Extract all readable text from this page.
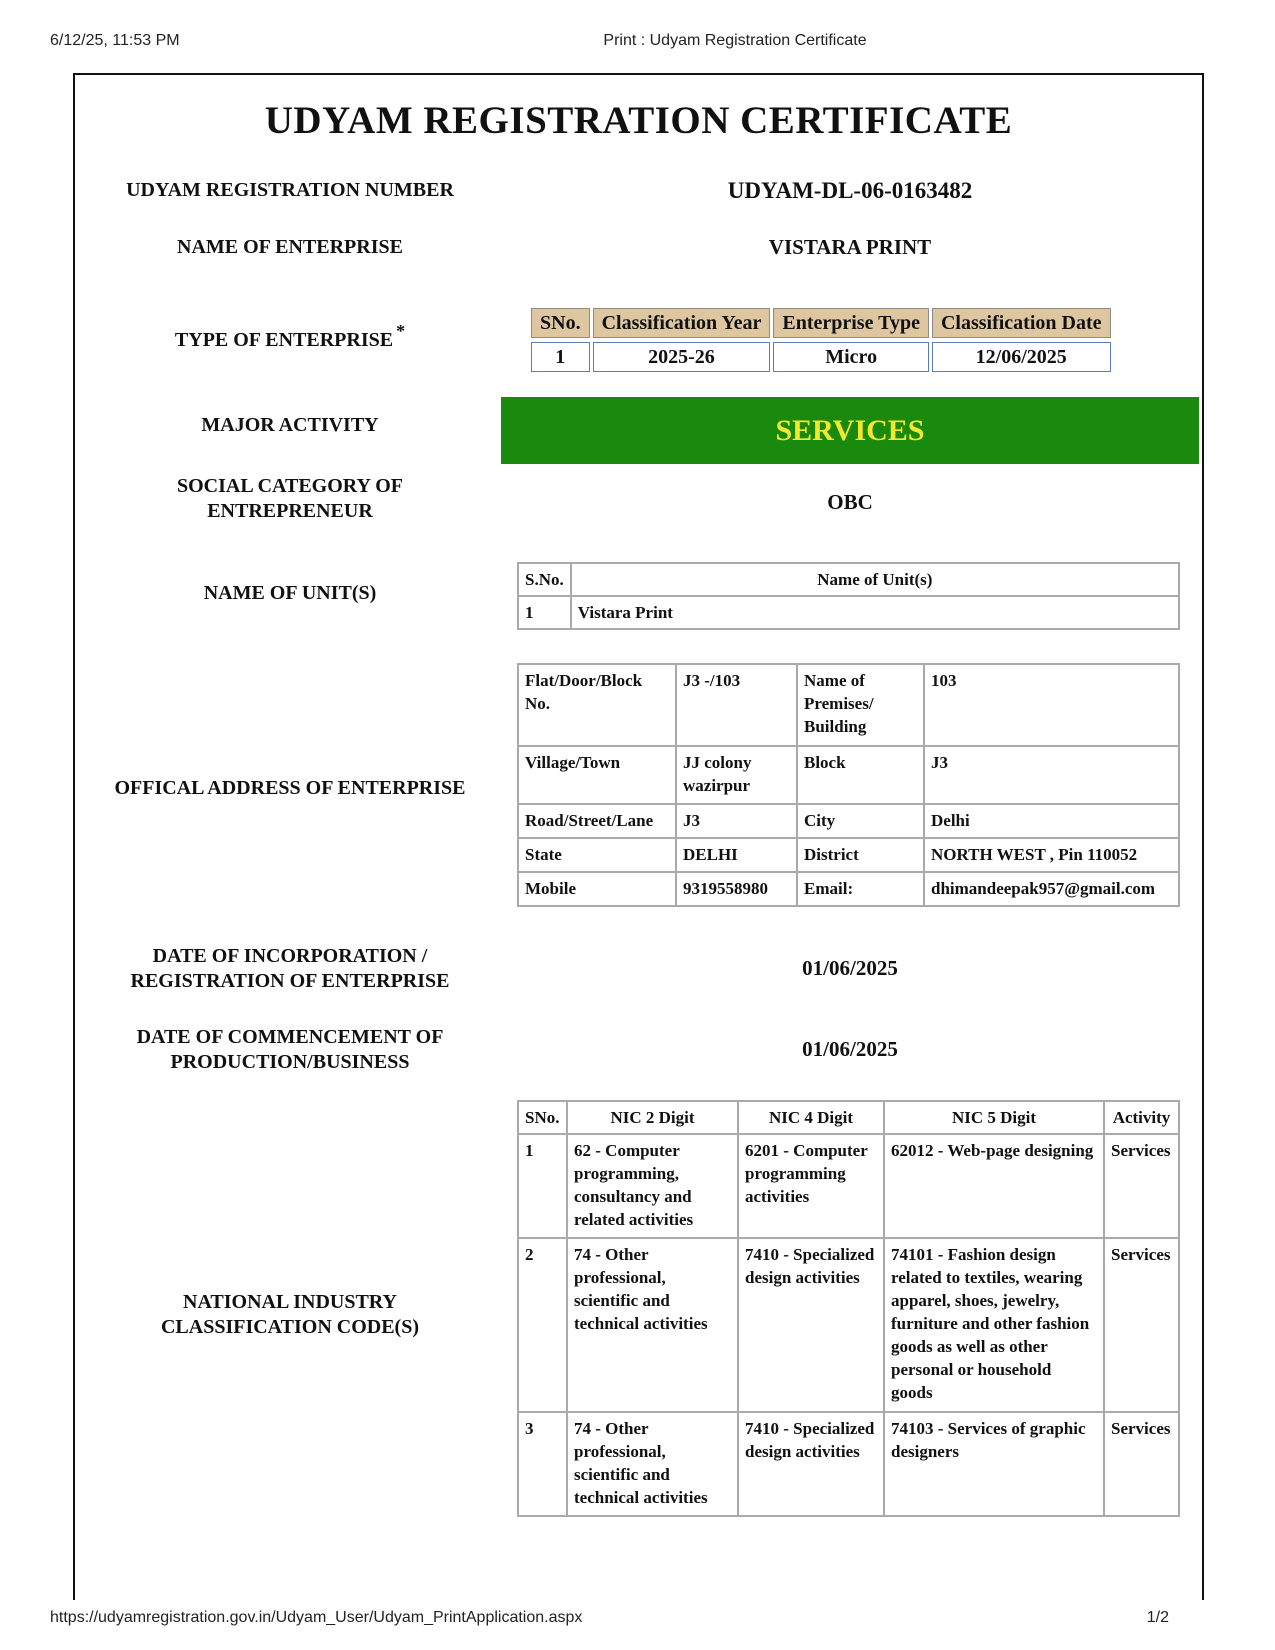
6/12/25, 11:53 PM	Print : Udyam Registration Certificate
https://udyamregistration.gov.in/Udyam_User/Udyam_PrintApplication.aspx	1/2
UDYAM REGISTRATION CERTIFICATE
UDYAM REGISTRATION NUMBER	UDYAM-DL-06-0163482
NAME OF ENTERPRISE	VISTARA PRINT
TYPE OF ENTERPRISE *	SNo.	Classification Year	Enterprise Type	Classification Date
1	2025-26	Micro	12/06/2025
MAJOR ACTIVITY	SERVICES
SOCIAL CATEGORY OF
ENTREPRENEUR	OBC
NAME OF UNIT(S)
S.No.	Name of Unit(s)
1	Vistara Print
OFFICAL ADDRESS OF ENTERPRISE
Flat/Door/Block No.	J3 -/103	Name of Premises/ Building	103
Village/Town	JJ colony wazirpur	Block	J3
Road/Street/Lane	J3	City	Delhi
State	DELHI	District	NORTH WEST , Pin 110052
Mobile	9319558980	Email:	dhimandeepak957@gmail.com
DATE OF INCORPORATION /
REGISTRATION OF ENTERPRISE
01/06/2025
DATE OF COMMENCEMENT OF
PRODUCTION/BUSINESS
01/06/2025
NATIONAL INDUSTRY
CLASSIFICATION CODE(S)
SNo.	NIC 2 Digit	NIC 4 Digit	NIC 5 Digit	Activity
1	62 - Computer programming, consultancy and related activities	6201 - Computer programming activities	62012 - Web-page designing	Services
2	74 - Other professional, scientific and technical activities	7410 - Specialized design activities	74101 - Fashion design related to textiles, wearing apparel, shoes, jewelry, furniture and other fashion goods as well as other personal or household goods	Services
3	74 - Other professional, scientific and technical activities	7410 - Specialized design activities	74103 - Services of graphic designers	Services
